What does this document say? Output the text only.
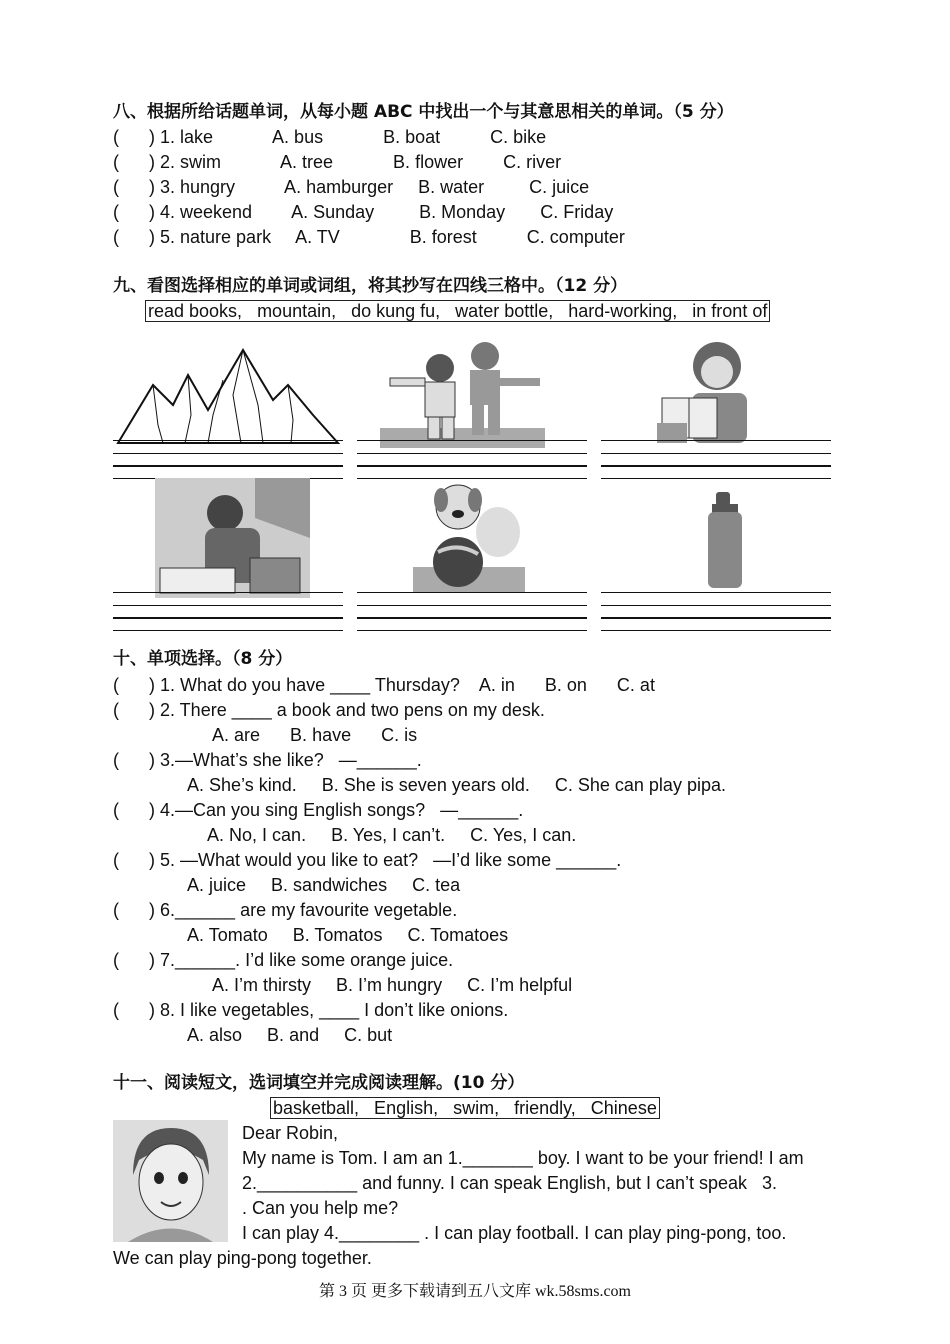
八、根据所给话题单词，从每小题 ABC 中找出一个与其意思相关的单词。（5 分）
(      ) 1. lake            A. bus            B. boat          C. bike
(      ) 2. swim            A. tree            B. flower        C. river
(      ) 3. hungry          A. hamburger     B. water         C. juice
(      ) 4. weekend        A. Sunday         B. Monday       C. Friday
(      ) 5. nature park     A. TV              B. forest          C. computer
九、看图选择相应的单词或词组，将其抄写在四线三格中。（12 分）
read books,   mountain,   do kung fu,   water bottle,   hard-working,   in front of
十、单项选择。（8 分）
(      ) 1. What do you have ____ Thursday?    A. in      B. on      C. at
(      ) 2. There ____ a book and two pens on my desk.
A. are      B. have      C. is
(      ) 3.—What’s she like?   —______.
A. She’s kind.     B. She is seven years old.     C. She can play pipa.
(      ) 4.—Can you sing English songs?   —______.
A. No, I can.     B. Yes, I can’t.     C. Yes, I can.
(      ) 5. —What would you like to eat?   —I’d like some ______.
A. juice     B. sandwiches     C. tea
(      ) 6.______ are my favourite vegetable.
A. Tomato     B. Tomatos     C. Tomatoes
(      ) 7.______. I’d like some orange juice.
A. I’m thirsty     B. I’m hungry     C. I’m helpful
(      ) 8. I like vegetables, ____ I don’t like onions.
A. also     B. and     C. but
十一、阅读短文，选词填空并完成阅读理解。(10 分）
basketball,   English,   swim,   friendly,   Chinese
Dear Robin,
My name is Tom. I am an 1._______ boy. I want to be your friend! I am
2.__________ and funny. I can speak English, but I can’t speak   3.
. Can you help me?
I can play 4.________ . I can play football. I can play ping-pong, too.
We can play ping-pong together.
第 3 页 更多下载请到五八文库 wk.58sms.com
